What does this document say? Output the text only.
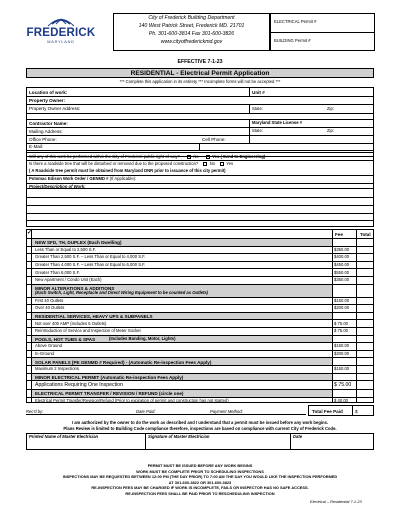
FREDERICK
MARYLAND
City of Frederick Building Department
140 West Patrick Street, Frederick MD. 21701
Ph. 301-600-3814 Fax 301-600-3826
www.cityoffrederickmd.gov
ELECTRICAL Permit #
BUILDING Permit #
EFFECTIVE 7-1-23
RESIDENTIAL - Electrical Permit Application
*** Complete this application in its entirety *** Incomplete forms will not be accepted ***
Location of work:	Unit #
Property Owner:
Property Owner Address:	State:	Zip:
Contractor Name:	Maryland State License #
Mailing Address:	State:	Zip:
Office Phone:	Cell Phone:
E-Mail:
Will any of this work be performed within the City of Frederick public right-of-way?	No	Yes ( Send to Engineering)
Is there a roadside tree that will be disturbed or removed due to the proposed construction?	No	Yes
( A Roadside tree permit must be obtained from Maryland DNR prior to issuance of this city permit)
Potomac Edison Work Order / GENMD # (If Applicable):
Project/Description of Work:
✓	Fee	Total
NEW SFD, TH, DUPLEX (Each Dwelling)
Less Than or Equal to 2,500 S.F.	$350.00
Greater Than 2,500 S.F. – Less Than or Equal to 4,000 S.F.	$400.00
Greater Than 4,000 S.F. – Less Than or Equal to 6,000 S.F.	$450.00
Greater Than 6,000 S.F.	$550.00
New Apartment / Condo Unit (Each)	$350.00
MINOR ALTERATIONS & ADDITIONS
(Each Switch, Light, Receptacle and Direct Wiring Equipment to be counted as Outlets)
First 40 Outlets	$150.00
Over 40 Outlets	$200.00
RESIDENTIAL SERVICES, HEAVY UPS & SUBPANELS
Not over 400 AMP (Includes 6 Outlets)	$ 75.00
Reintroduction of Service and Inspection of Meter Socket	$ 75.00
POOLS, HOT TUBS & SPAS	(Includes Bonding, Motor, Lights)
Above Ground	$150.00
In-Ground	$200.00
SOLAR PANELS (PE GENMD # Required) - (Automatic Re-inspection Fees Apply)
Maximum 2 Inspections	$150.00
MINOR ELECTRICAL PERMIT (Automatic Re-inspection Fees Apply)
Applications Requiring One Inspection	$ 75.00
ELECTRICAL PERMIT TRANSFER / REVISION / REFUND (circle one)
Electrical Permit Transfer/Revision/Refund (Prior to expiration of permit and construction has not started)	$ 40.00
Rec'd by:	Date Paid:	Payment Method:	Total Fee Paid	$
I am authorized by the owner to do the work as described and I understand that a permit must be issued before any work begins.
Plans Review is limited to Building Code compliance therefore, inspections are based on compliance with current City of Frederick Code.
Printed Name of Master Electrician	Signature of Master Electrician	Date
PERMIT MUST BE ISSUED BEFORE ANY WORK BEGINS
WORK MUST BE COMPLETE PRIOR TO SCHEDULING INSPECTIONS
INSPECTIONS MAY BE REQUESTED BETWEEN 12:00 PM (THE DAY PRIOR) TO 7:00 AM THE DAY YOU WOULD LIKE THE INSPECTION PERFORMED
AT 301-600-3822 OR 301-600-3823
RE-INSPECTION FEES MAY BE CHARGED IF WORK IS INCOMPLETE, FAILS OR INSPECTOR HAS NO SAFE ACCESS.
RE-INSPECTION FEES SHALL BE PAID PRIOR TO RESCHEDULING INSPECTION
Electrical – Residential 7-1-23
